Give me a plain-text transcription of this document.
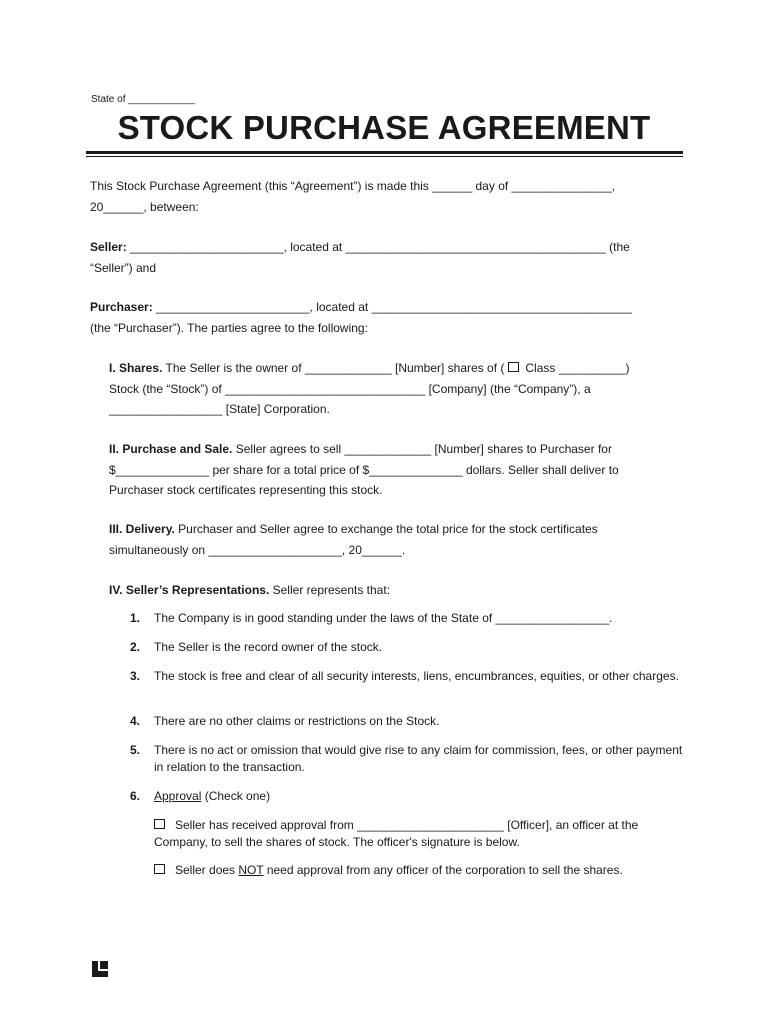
State of ____________
STOCK PURCHASE AGREEMENT

This Stock Purchase Agreement (this “Agreement”) is made this ______ day of _______________,
20______, between:

Seller: _______________________, located at _______________________________________ (the
“Seller”) and

Purchaser: _______________________, located at _______________________________________
(the “Purchaser”). The parties agree to the following:

I. Shares. The Seller is the owner of _____________ [Number] shares of ( Class __________)
Stock (the “Stock”) of ______________________________ [Company] (the “Company”), a
_________________ [State] Corporation.

II. Purchase and Sale. Seller agrees to sell _____________ [Number] shares to Purchaser for
$______________ per share for a total price of $______________ dollars. Seller shall deliver to
Purchaser stock certificates representing this stock.

III. Delivery. Purchaser and Seller agree to exchange the total price for the stock certificates
simultaneously on ____________________, 20______.

IV. Seller’s Representations. Seller represents that:

1.	The Company is in good standing under the laws of the State of _________________.
2.	The Seller is the record owner of the stock.
3.	The stock is free and clear of all security interests, liens, encumbrances, equities, or other charges.
4.	There are no other claims or restrictions on the Stock.
5.	There is no act or omission that would give rise to any claim for commission, fees, or other payment in relation to the transaction.
6.	Approval (Check one)
Seller has received approval from ______________________ [Officer], an officer at the
Company, to sell the shares of stock. The officer's signature is below.
Seller does NOT need approval from any officer of the corporation to sell the shares.
